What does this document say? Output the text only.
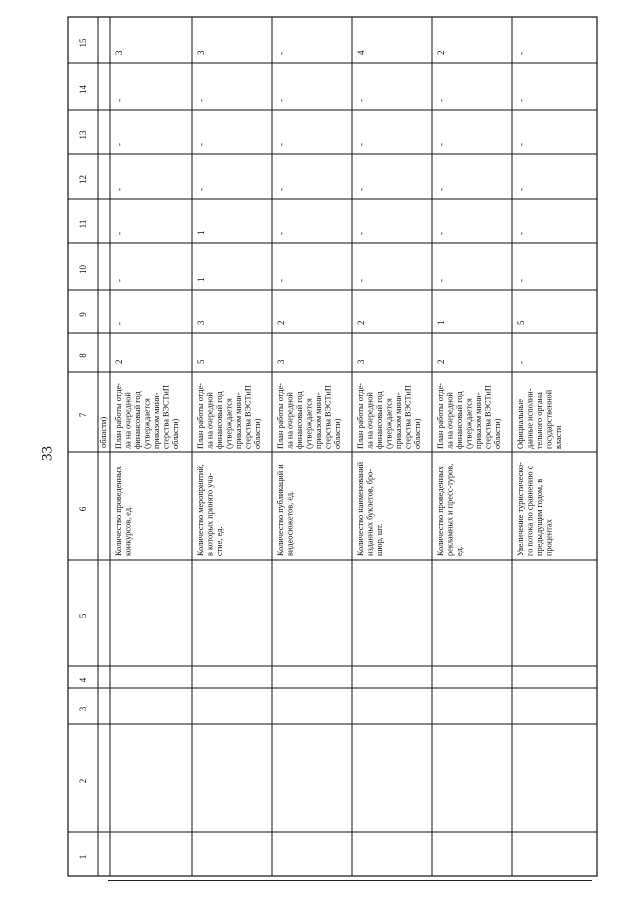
33
1
2
3
4
5
6
7
8
9
10
11
12
13
14
15
области)
Количество проведенных конкурсов, ед.
План работы отде- ла на очередной финансовый год (утверждается приказом мини- стерства ВЭСТиП области)
2
-
-
-
-
-
-
3
Количество мероприятий, в которых принято уча- стие, ед.
План работы отде- ла на очередной финансовый год (утверждается приказом мини- стерства ВЭСТиП области)
5
3
1
1
-
-
-
3
Количество публикаций и видеосюжетов, ед.
План работы отде- ла на очередной финансовый год (утверждается приказом мини- стерства ВЭСТиП области)
3
2
-
-
-
-
-
-
Количество наименований изданных буклетов, бро- шюр, шт.
План работы отде- ла на очередной финансовый год (утверждается приказом мини- стерства ВЭСТиП области)
3
2
-
-
-
-
-
4
Количество проведенных рекламных и пресс-туров, ед.
План работы отде- ла на очередной финансовый год (утверждается приказом мини- стерства ВЭСТиП области)
2
1
-
-
-
-
-
2
Увеличение туристическо- го потока по сравнению с предыдущим годом, в процентах
Официальные данные исполни- тельного органа государственной власти
-
5
-
-
-
-
-
-
